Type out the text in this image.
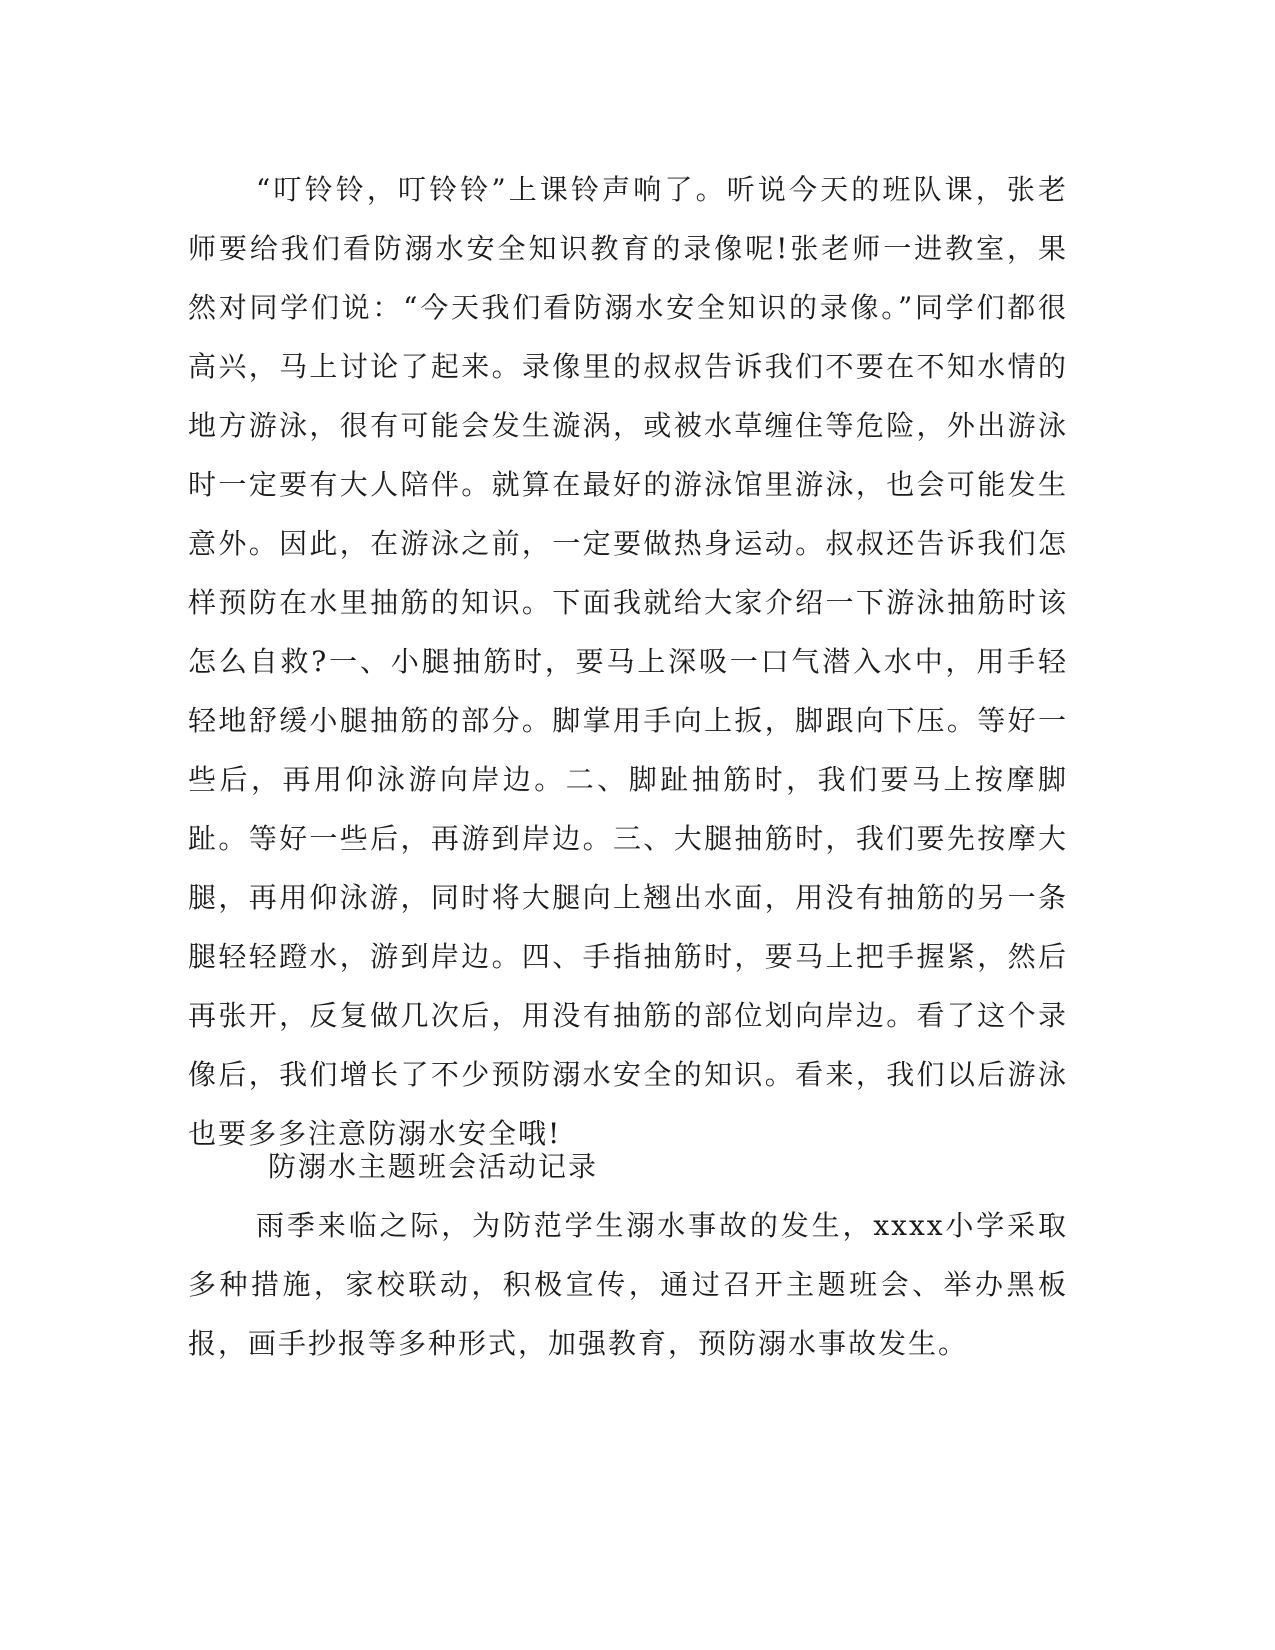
“叮铃铃，叮铃铃”上课铃声响了。听说今天的班队课，张老师要给我们看防溺水安全知识教育的录像呢!张老师一进教室，果然对同学们说：“今天我们看防溺水安全知识的录像。”同学们都很高兴，马上讨论了起来。录像里的叔叔告诉我们不要在不知水情的地方游泳，很有可能会发生漩涡，或被水草缠住等危险，外出游泳时一定要有大人陪伴。就算在最好的游泳馆里游泳，也会可能发生意外。因此，在游泳之前，一定要做热身运动。叔叔还告诉我们怎样预防在水里抽筋的知识。下面我就给大家介绍一下游泳抽筋时该怎么自救?一、小腿抽筋时，要马上深吸一口气潜入水中，用手轻轻地舒缓小腿抽筋的部分。脚掌用手向上扳，脚跟向下压。等好一些后，再用仰泳游向岸边。二、脚趾抽筋时，我们要马上按摩脚趾。等好一些后，再游到岸边。三、大腿抽筋时，我们要先按摩大腿，再用仰泳游，同时将大腿向上翘出水面，用没有抽筋的另一条腿轻轻蹬水，游到岸边。四、手指抽筋时，要马上把手握紧，然后再张开，反复做几次后，用没有抽筋的部位划向岸边。看了这个录像后，我们增长了不少预防溺水安全的知识。看来，我们以后游泳也要多多注意防溺水安全哦!

防溺水主题班会活动记录

雨季来临之际，为防范学生溺水事故的发生，xxxx小学采取多种措施，家校联动，积极宣传，通过召开主题班会、举办黑板报，画手抄报等多种形式，加强教育，预防溺水事故发生。
